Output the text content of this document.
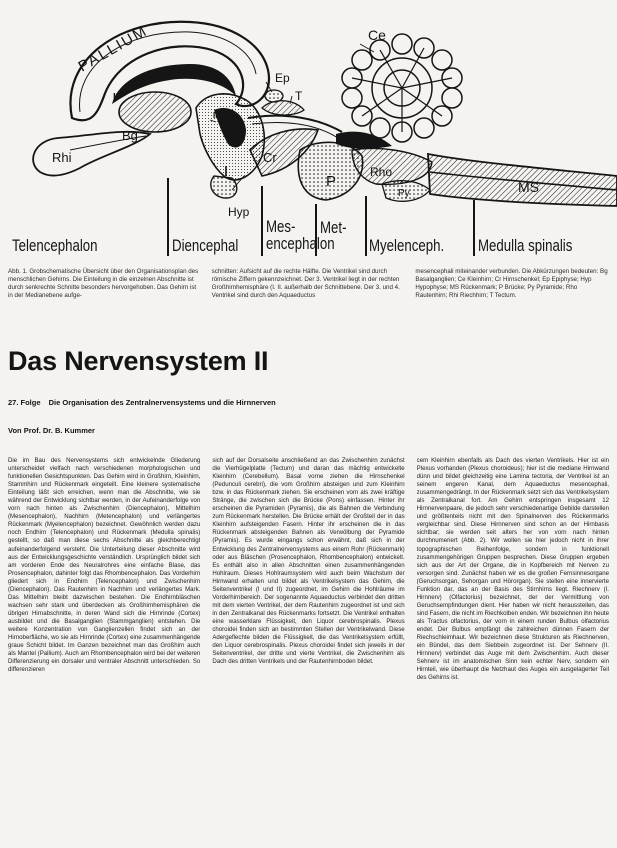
PALLIUM	Ce
Ep
T
II
III
IV
Bg
Rhi	Cr
Hyp
P
Rho
Py	MS
Telencephalon	Diencephal
Mes-
encephalon
Met-
Myelenceph. Medulla spinalis
Abb. 1. Grobschematische Übersicht über den Organisationsplan des menschlichen Gehirns. Die Einteilung in die einzelnen Abschnitte ist durch senkrechte Schnitte besonders hervorgehoben. Das Gehirn ist in der Medianebene aufge-
schnitten: Aufsicht auf die rechte Hälfte. Die Ventrikel sind durch römische Ziffern gekennzeichnet. Der 3. Ventrikel liegt in der rechten Großhirnhemisphäre (I. II. außerhalb der Schnittebene. Der 3. und 4. Ventrikel sind durch den Aquaeductus
mesencephali miteinander verbunden. Die Abkürzungen bedeuten: Bg Basalganglien; Ce Kleinhirn; Cr Hirnschenkel; Ep Epiphyse; Hyp Hypophyse; MS Rückenmark; P Brücke; Py Pyramide; Rho Rautenhirn; Rhi Riechhirn; T Tectum.
Das Nervensystem II
27. Folge Die Organisation des Zentralnervensystems und die Hirnnerven
Von Prof. Dr. B. Kummer

Die im Bau des Nervensystems sich entwickelnde Gliederung unterscheidet vielfach nach verschiedenen morphologischen und funktionellen Gesichtspunkten. Das Gehirn wird in Großhirn, Kleinhirn, Stammhirn und Rückenmark eingeteilt. Eine kleinere systematische Einteilung läßt sich erreichen, wenn man die Abschnitte, wie sie während der Entwicklung sichtbar werden, in der Aufeinanderfolge von vorn nach hinten als Zwischenhirn (Diencephalon), Mittelhirn (Mesencephalon), Nachhirn (Metencephalon) und verlängertes Rückenmark (Myelencephalon) bezeichnet. Gewöhnlich werden dazu noch Endhirn (Telencephalon) und Rückenmark (Medulla spinalis) gestellt, so daß man diese sechs Abschnitte als gleichberechtigt aufeinanderfolgend versteht. Die Unterteilung dieser Abschnitte wird aus der Entwicklungsgeschichte verständlich. Ursprünglich bildet sich am vorderen Ende des Neuralrohres eine einfache Blase, das Prosencephalon, dahinter folgt das Rhombencephalon. Das Vorderhirn gliedert sich in Endhirn (Telencephalon) und Zwischenhirn (Diencephalon). Das Rautenhirn in Nachhirn und verlängertes Mark. Das Mittelhirn bleibt dazwischen bestehen. Die Endhirnbläschen wachsen sehr stark und überdecken als Großhirnhemisphären die übrigen Hirnabschnitte, in deren Wand sich die Hirnrinde (Cortex) ausbildet und die Basalganglien (Stammganglien) entstehen. Die weitere Konzentration von Ganglienzellen findet sich an der Hirnoberfläche, wo sie als Hirnrinde (Cortex) eine zusammenhängende graue Schicht bildet. Im Ganzen bezeichnet man das Großhirn auch als Mantel (Pallium). Auch am Rhombencephalon wird bei der weiteren Differenzierung ein dorsaler und ventraler Abschnitt unterschieden. So differenzieren

sich auf der Dorsalseite anschließend an das Zwischenhirn zunächst die Vierhügelplatte (Tectum) und daran das mächtig entwickelte Kleinhirn (Cerebellum). Basal vorne ziehen die Hirnschenkel (Pedunculi cerebri), die vom Großhirn absteigen und zum Kleinhirn bzw. in das Rückenmark ziehen. Sie erscheinen vorn als zwei kräftige Stränge, die zwischen sich die Brücke (Pons) einfassen. Hinter ihr erscheinen die Pyramiden (Pyramis), die als Bahnen die Verbindung zum Rückenmark herstellen. Die Brücke erhält der Großteil der in das Kleinhirn aufsteigenden Fasern. Hinter ihr erscheinen die in das Rückenmark absteigenden Bahnen als Verwölbung der Pyramide (Pyramis). Es wurde eingangs schon erwähnt, daß sich in der Entwicklung des Zentralnervensystems aus einem Rohr (Rückenmark) oder aus Bläschen (Prosencephalon, Rhombencephalon) entwickelt. Es enthält also in allen Abschnitten einen zusammenhängenden Hohlraum. Dieses Hohlraumsystem wird auch beim Wachstum der Hirnwand erhalten und bildet als Ventrikelsystem das Gehirn, die Seitenventrikel (I und II) zugeordnet, im Gehirn die Hohlräume im Vorderhirnbereich. Der sogenannte Aquaeductus verbindet den dritten mit dem vierten Ventrikel, der dem Rautenhirn zugeordnet ist und sich in den Zentralkanal des Rückenmarks fortsetzt. Die Ventrikel enthalten eine wasserklare Flüssigkeit, den Liquor cerebrospinalis. Plexus choroidei finden sich an bestimmten Stellen der Ventrikelwand. Diese Adergeflechte bilden die Flüssigkeit, die das Ventrikelsystem erfüllt, den Liquor cerebrospinalis. Plexus choroidei findet sich jeweils in der Seitenventrikel, der dritte und vierte Ventrikel, die Zwischenhirn als Dach des dritten Ventrikels und der Rautenhirnboden bildet.

cem Kleinhirn ebenfalls als Dach des vierten Ventrikels. Hier ist ein Plexus vorhanden (Plexus choroideus); hier ist die mediane Hirnwand dünn und bildet gleichzeitig eine Lamina tectoria, der Ventrikel ist an seinem engeren Kanal, dem Aquaeductus mesencephali, zusammengedrängt. In der Rückenmark setzt sich das Ventrikelsystem als Zentralkanal fort. Am Gehirn entspringen insgesamt 12 Hirnnervenpaare, die jedoch sehr verschiedenartige Gebilde darstellen und größtenteils nicht mit den Spinalnerven des Rückenmarks vergleichbar sind. Diese Hirnnerven sind schon an der Hirnbasis sichtbar; sie werden seit alters her von vorn nach hinten durchnumeriert (Abb. 2). Wir wollen sie hier jedoch nicht in ihrer topographischen Reihenfolge, sondern in funktionell zusammengehörigen Gruppen besprechen. Diese Gruppen ergeben sich aus der Art der Organe, die in Kopfbereich mit Nerven zu versorgen sind. Zunächst haben wir es die großen Fernsinnesorgane (Geruchsorgan, Sehorgan und Hörorgan). Sie stellen eine innervierte Funktion dar, das an der Basis des Stirnhirns liegt. Riechnerv (I. Hirnnerv) (Olfactorius) bezeichnet, der der Vermittlung von Geruchsempfindungen dient. Hier haben wir nicht herausstellen, das sind Fasern, die nicht im Riechkolben enden. Wir bezeichnen ihn heute als Tractus olfactorius, der vorn in einem runden Bulbus olfactorius endet. Der Bulbus empfängt die zahlreichen dünnen Fasern der Riechschleimhaut. Wir bezeichnen diese Strukturen als Riechnerven, ein Bündel, das dem Siebbein zugeordnet ist. Der Sehnerv (II. Hirnnerv) verbindet das Auge mit dem Zwischenhirn. Auch dieser Sehnerv ist im anatomischen Sinn kein echter Nerv, sondern ein Hirnteil, wie überhaupt die Netzhaut des Auges ein ausgelagerter Teil des Gehirns ist.
